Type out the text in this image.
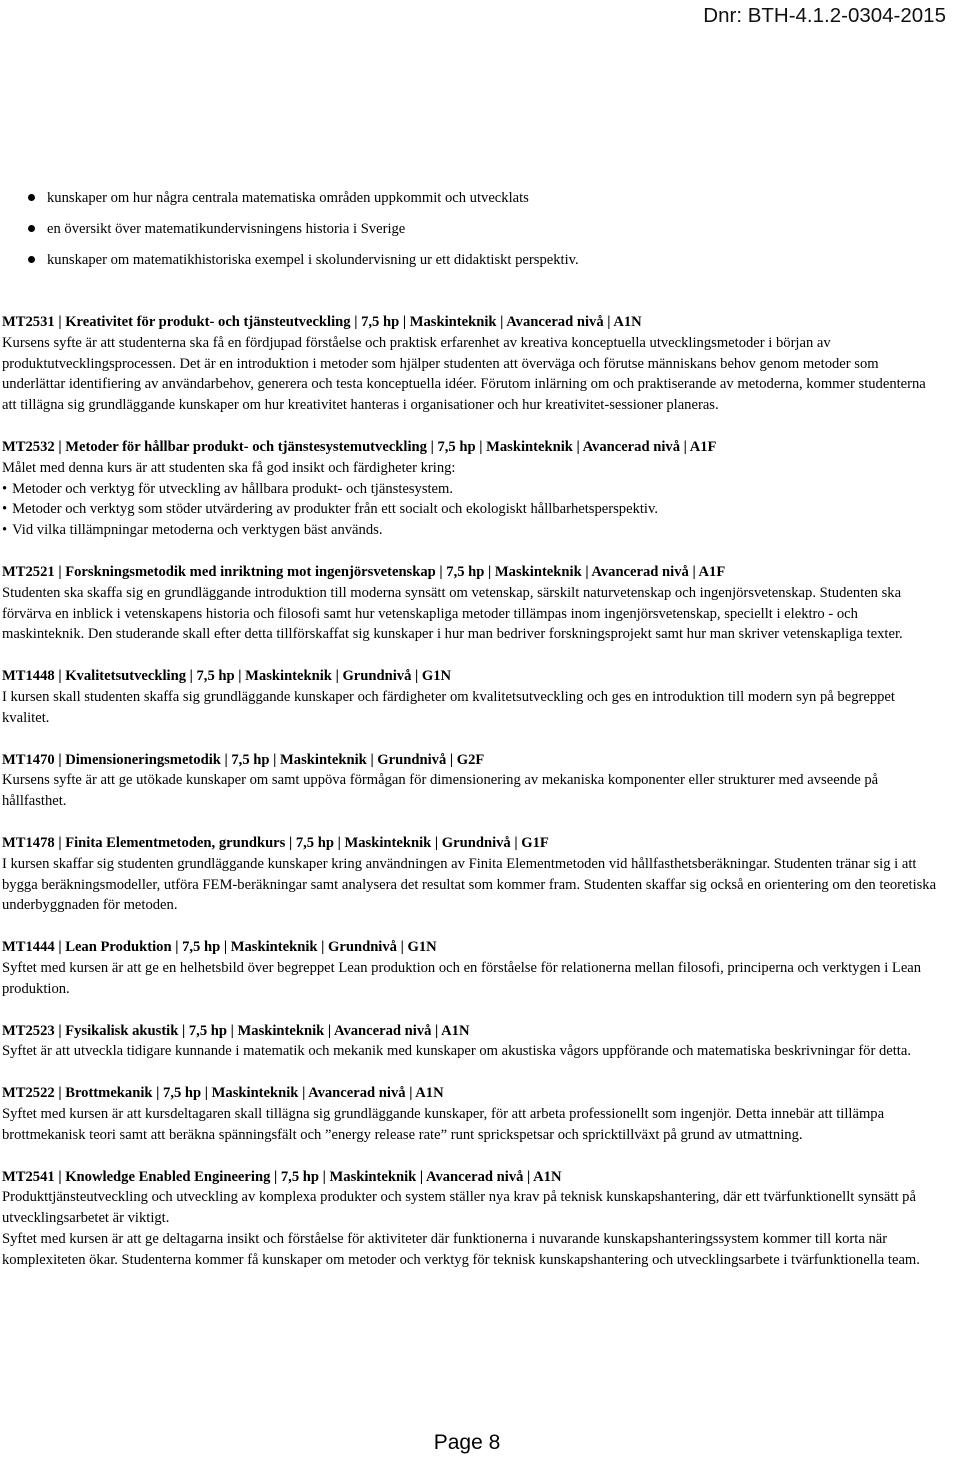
Dnr: BTH-4.1.2-0304-2015
kunskaper om hur några centrala matematiska områden uppkommit och utvecklats
en översikt över matematikundervisningens historia i Sverige
kunskaper om matematikhistoriska exempel i skolundervisning ur ett didaktiskt perspektiv.

MT2531 | Kreativitet för produkt- och tjänsteutveckling | 7,5 hp | Maskinteknik | Avancerad nivå | A1N

Kursens syfte är att studenterna ska få en fördjupad förståelse och praktisk erfarenhet av kreativa konceptuella utvecklingsmetoder i början av produktutvecklingsprocessen. Det är en introduktion i metoder som hjälper studenten att överväga och förutse människans behov genom metoder som underlättar identifiering av användarbehov, generera och testa konceptuella idéer. Förutom inlärning om och praktiserande av metoderna, kommer studenterna att tillägna sig grundläggande kunskaper om hur kreativitet hanteras i organisationer och hur kreativitet-sessioner planeras.

MT2532 | Metoder för hållbar produkt- och tjänstesystemutveckling | 7,5 hp | Maskinteknik | Avancerad nivå | A1F

Målet med denna kurs är att studenten ska få god insikt och färdigheter kring:

• Metoder och verktyg för utveckling av hållbara produkt- och tjänstesystem.

• Metoder och verktyg som stöder utvärdering av produkter från ett socialt och ekologiskt hållbarhetsperspektiv.

• Vid vilka tillämpningar metoderna och verktygen bäst används.

MT2521 | Forskningsmetodik med inriktning mot ingenjörsvetenskap | 7,5 hp | Maskinteknik | Avancerad nivå | A1F

Studenten ska skaffa sig en grundläggande introduktion till moderna synsätt om vetenskap, särskilt naturvetenskap och ingenjörsvetenskap. Studenten ska förvärva en inblick i vetenskapens historia och filosofi samt hur vetenskapliga metoder tillämpas inom ingenjörsvetenskap, speciellt i elektro - och maskinteknik. Den studerande skall efter detta tillförskaffat sig kunskaper i hur man bedriver forskningsprojekt samt hur man skriver vetenskapliga texter.

MT1448 | Kvalitetsutveckling | 7,5 hp | Maskinteknik | Grundnivå | G1N

I kursen skall studenten skaffa sig grundläggande kunskaper och färdigheter om kvalitetsutveckling och ges en introduktion till modern syn på begreppet kvalitet.

MT1470 | Dimensioneringsmetodik | 7,5 hp | Maskinteknik | Grundnivå | G2F

Kursens syfte är att ge utökade kunskaper om samt uppöva förmågan för dimensionering av mekaniska komponenter eller strukturer med avseende på hållfasthet.

MT1478 | Finita Elementmetoden, grundkurs | 7,5 hp | Maskinteknik | Grundnivå | G1F

I kursen skaffar sig studenten grundläggande kunskaper kring användningen av Finita Elementmetoden vid hållfasthetsberäkningar. Studenten tränar sig i att bygga beräkningsmodeller, utföra FEM-beräkningar samt analysera det resultat som kommer fram. Studenten skaffar sig också en orientering om den teoretiska underbyggnaden för metoden.

MT1444 | Lean Produktion | 7,5 hp | Maskinteknik | Grundnivå | G1N

Syftet med kursen är att ge en helhetsbild över begreppet Lean produktion och en förståelse för relationerna mellan filosofi, principerna och verktygen i Lean produktion.

MT2523 | Fysikalisk akustik | 7,5 hp | Maskinteknik | Avancerad nivå | A1N

Syftet är att utveckla tidigare kunnande i matematik och mekanik med kunskaper om akustiska vågors uppförande och matematiska beskrivningar för detta.

MT2522 | Brottmekanik | 7,5 hp | Maskinteknik | Avancerad nivå | A1N

Syftet med kursen är att kursdeltagaren skall tillägna sig grundläggande kunskaper, för att arbeta professionellt som ingenjör. Detta innebär att tillämpa brottmekanisk teori samt att beräkna spänningsfält och ”energy release rate” runt sprickspetsar och spricktillväxt på grund av utmattning.

MT2541 | Knowledge Enabled Engineering | 7,5 hp | Maskinteknik | Avancerad nivå | A1N

Produkttjänsteutveckling och utveckling av komplexa produkter och system ställer nya krav på teknisk kunskapshantering, där ett tvärfunktionellt synsätt på utvecklingsarbetet är viktigt.

Syftet med kursen är att ge deltagarna insikt och förståelse för aktiviteter där funktionerna i nuvarande kunskapshanteringssystem kommer till korta när komplexiteten ökar. Studenterna kommer få kunskaper om metoder och verktyg för teknisk kunskapshantering och utvecklingsarbete i tvärfunktionella team.

Page 8
